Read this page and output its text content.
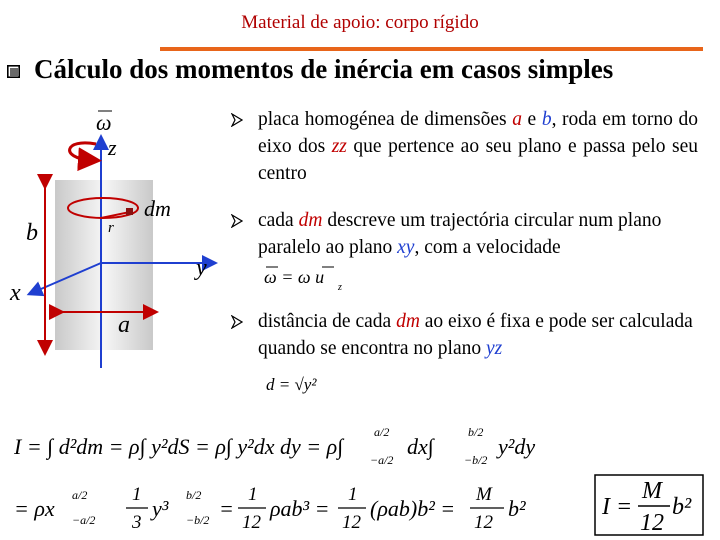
Material de apoio: corpo rígido
Cálculo dos momentos de inércia em casos simples
placa homogénea de dimensões a e b, roda em torno do eixo dos zz que pertence ao seu plano e passa pelo seu centro
cada dm descreve um trajectória circular num plano paralelo ao plano xy, com a velocidade
ω = ω u
z
distância de cada dm ao eixo é fixa e pode ser calculada quando se encontra no plano yz
d = √y²
ω
z
dm
r
b
y
x
a
I = ∫ d²dm = ρ∫ y²dS = ρ∫ y²dx dy = ρ∫	dx∫	y²dy
a/2
−a/2
b/2
−b/2
= ρx
a/2
−a/2
1
3
y³
b/2
−b/2 =
1
12
ρab³ =
1
12
(ρab)b² =
M
12
b²	I =
M
12
b²
